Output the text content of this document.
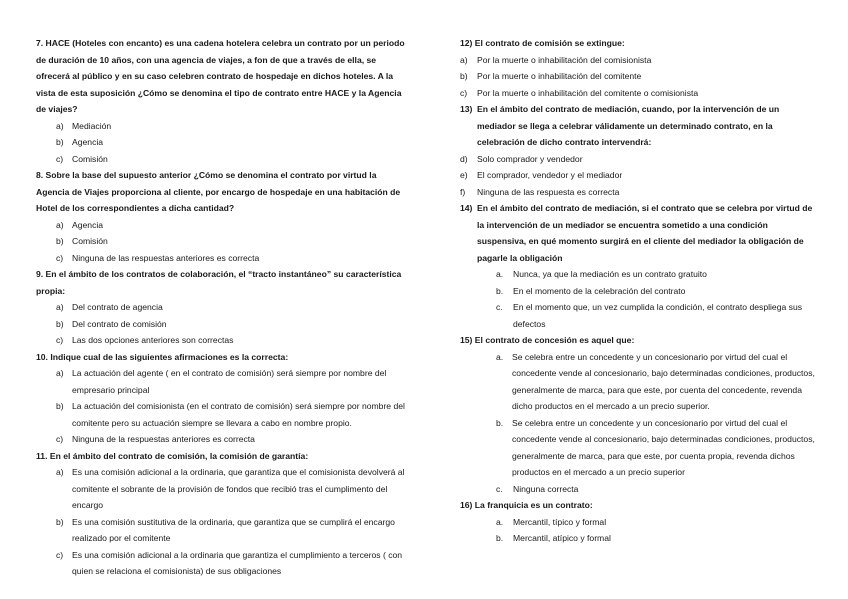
7. HACE (Hoteles con encanto) es una cadena hotelera celebra un contrato por un periodo de duración de 10 años, con una agencia de viajes, a fon de que a través de ella, se ofrecerá al público y en su caso celebren contrato de hospedaje en dichos hoteles. A la vista de esta suposición ¿Cómo se denomina el tipo de contrato entre HACE y la Agencia de viajes?
a) Mediación
b) Agencia
c) Comisión
8. Sobre la base del supuesto anterior ¿Cómo se denomina el contrato por virtud la Agencia de Viajes proporciona al cliente, por encargo de hospedaje en una habitación de Hotel de los correspondientes a dicha cantidad?
a) Agencia
b) Comisión
c) Ninguna de las respuestas anteriores es correcta
9. En el ámbito de los contratos de colaboración, el “tracto instantáneo” su característica propia:
a) Del contrato de agencia
b) Del contrato de comisión
c) Las dos opciones anteriores son correctas
10. Indique cual de las siguientes afirmaciones es la correcta:
a) La actuación del agente ( en el contrato de comisión) será siempre por nombre del empresario principal
b) La actuación del comisionista (en el contrato de comisión) será siempre por nombre del comitente pero su actuación siempre se llevara a cabo en nombre propio.
c) Ninguna de la respuestas anteriores es correcta
11. En el ámbito del contrato de comisión, la comisión de garantía:
a) Es una comisión adicional a la ordinaria, que garantiza que el comisionista devolverá al comitente el sobrante de la provisión de fondos que recibió tras el cumplimento del encargo
b) Es una comisión sustitutiva de la ordinaria, que garantiza que se cumplirá el encargo realizado por el comitente
c) Es una comisión adicional a la ordinaria que garantiza el cumplimiento a terceros ( con quien se relaciona el comisionista) de sus obligaciones
12) El contrato de comisión se extingue:
a) Por la muerte o inhabilitación del comisionista
b) Por la muerte o inhabilitación del comitente
c) Por la muerte o inhabilitación del comitente o comisionista
13) En el ámbito del contrato de mediación, cuando, por la intervención de un mediador se llega a celebrar válidamente un determinado contrato, en la celebración de dicho contrato intervendrá:
d) Solo comprador y vendedor
e) El comprador, vendedor y el mediador
f) Ninguna de las respuesta es correcta
14) En el ámbito del contrato de mediación, si el contrato que se celebra por virtud de la intervención de un mediador se encuentra sometido a una condición suspensiva, en qué momento surgirá en el cliente del mediador la obligación de pagarle la obligación
a. Nunca, ya que la mediación es un contrato gratuito
b. En el momento de la celebración del contrato
c. En el momento que, un vez cumplida la condición, el contrato despliega sus defectos
15) El contrato de concesión es aquel que:
a. Se celebra entre un concedente y un concesionario por virtud del cual el concedente vende al concesionario, bajo determinadas condiciones, productos, generalmente de marca, para que este, por cuenta del concedente, revenda dicho productos en el mercado a un precio superior.
b. Se celebra entre un concedente y un concesionario por virtud del cual el concedente vende al concesionario, bajo determinadas condiciones, productos, generalmente de marca, para que este, por cuenta propia, revenda dichos productos en el mercado a un precio superior
c. Ninguna correcta
16) La franquicia es un contrato:
a. Mercantil, típico y formal
b. Mercantil, atípico y formal
